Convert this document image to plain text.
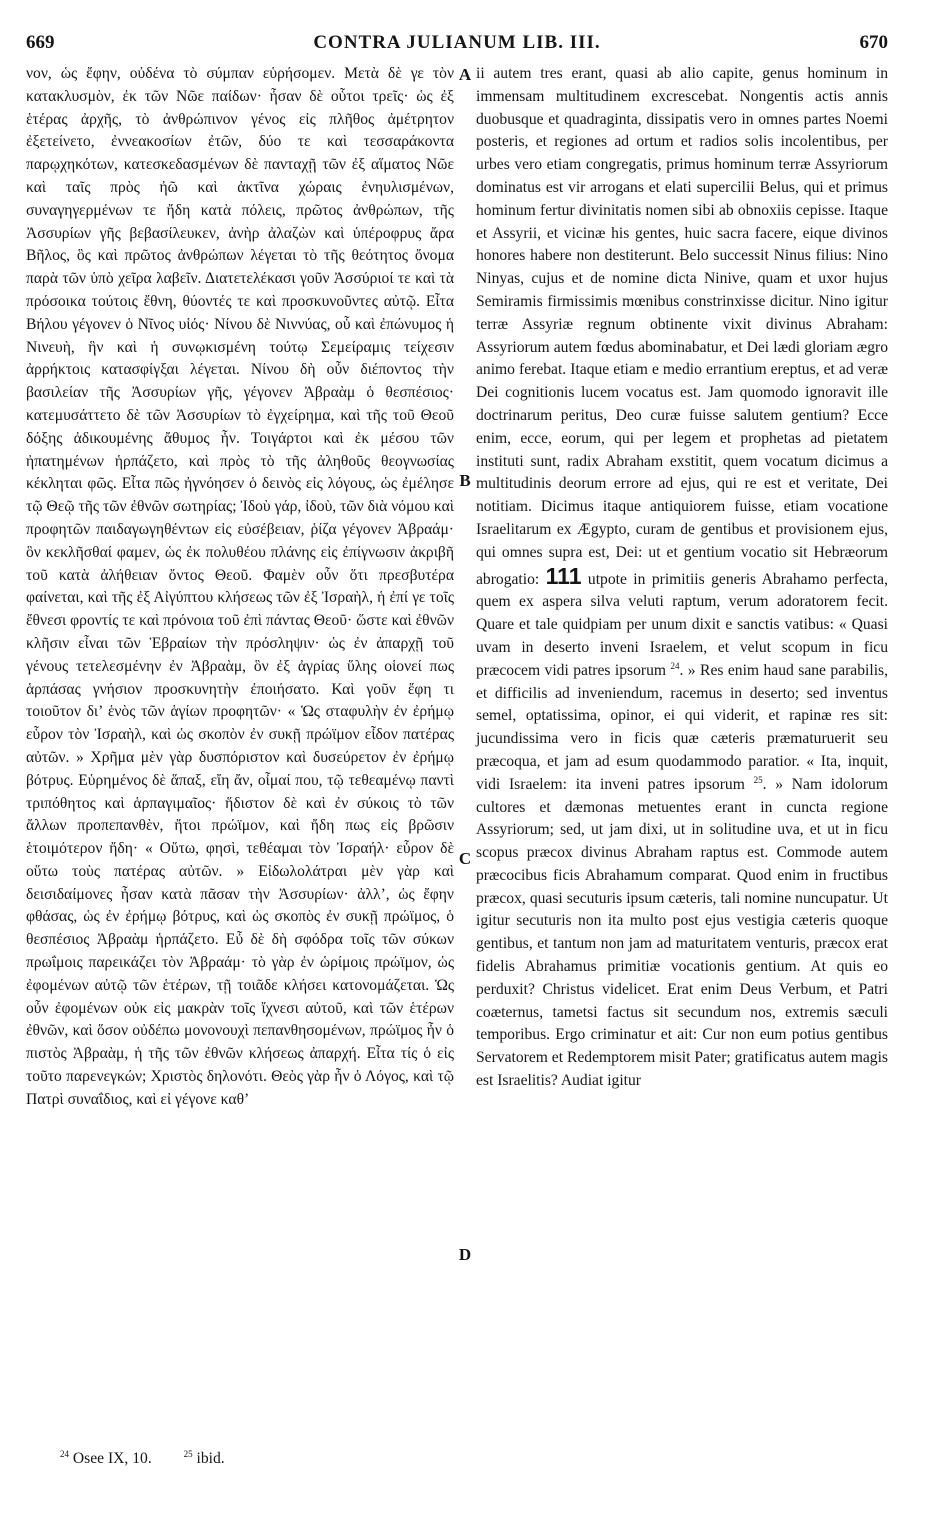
669	CONTRA JULIANUM LIB. III.	670

νον, ὡς ἔφην, οὐδένα τὸ σύμπαν εὑρήσομεν. Μετὰ δὲ γε τὸν κατακλυσμὸν, ἐκ τῶν Νῶε παίδων· ἦσαν δὲ οὗτοι τρεῖς· ὡς ἐξ ἑτέρας ἀρχῆς, τὸ ἀνθρώπινον γένος εἰς πλῆθος ἀμέτρητον ἐξετείνετο, ἐννεακοσίων ἐτῶν, δύο τε καὶ τεσσαράκοντα παρῳχηκότων, κατεσκεδασμένων δὲ πανταχῇ τῶν ἐξ αἵματος Νῶε καὶ ταῖς πρὸς ἠῶ καὶ ἀκτῖνα χώραις ἐνηυλισμένων, συναγηγερμένων τε ἤδη κατὰ πόλεις, πρῶτος ἀνθρώπων, τῆς Ἀσσυρίων γῆς βεβασίλευκεν, ἀνὴρ ἀλαζὼν καὶ ὑπέροφρυς ἄρα Βῆλος, ὃς καὶ πρῶτος ἀνθρώπων λέγεται τὸ τῆς θεότητος ὄνομα παρὰ τῶν ὑπὸ χεῖρα λαβεῖν. Διατετελέκασι γοῦν Ἀσσύριοί τε καὶ τὰ πρόσοικα τούτοις ἔθνη, θύοντές τε καὶ προσκυνοῦντες αὐτῷ. Εἶτα Βήλου γέγονεν ὁ Νῖνος υἱός· Νίνου δὲ Νιννύας, οὗ καὶ ἐπώνυμος ἡ Νινευὴ, ἣν καὶ ἡ συνῳκισμένη τούτῳ Σεμείραμις τείχεσιν ἀρρήκτοις κατασφίγξαι λέγεται. Νίνου δὴ οὖν διέποντος τὴν βασιλείαν τῆς Ἀσσυρίων γῆς, γέγονεν Ἀβραὰμ ὁ θεσπέσιος· κατεμυσάττετο δὲ τῶν Ἀσσυρίων τὸ ἐγχείρημα, καὶ τῆς τοῦ Θεοῦ δόξης ἀδικουμένης ἄθυμος ἦν. Τοιγάρτοι καὶ ἐκ μέσου τῶν ἠπατημένων ἡρπάζετο, καὶ πρὸς τὸ τῆς ἀληθοῦς θεογνωσίας κέκληται φῶς. Εἶτα πῶς ἠγνόησεν ὁ δεινὸς εἰς λόγους, ὡς ἐμέλησε τῷ Θεῷ τῆς τῶν ἐθνῶν σωτηρίας; Ἰδοὺ γάρ, ἰδοὺ, τῶν διὰ νόμου καὶ προφητῶν παιδαγωγηθέντων εἰς εὐσέβειαν, ῥίζα γέγονεν Ἀβραάμ· ὃν κεκλῆσθαί φαμεν, ὡς ἐκ πολυθέου πλάνης εἰς ἐπίγνωσιν ἀκριβῆ τοῦ κατὰ ἀλήθειαν ὄντος Θεοῦ. Φαμὲν οὖν ὅτι πρεσβυτέρα φαίνεται, καὶ τῆς ἐξ Αἰγύπτου κλήσεως τῶν ἐξ Ἰσραὴλ, ἡ ἐπί γε τοῖς ἔθνεσι φροντίς τε καὶ πρόνοια τοῦ ἐπὶ πάντας Θεοῦ· ὥστε καὶ ἐθνῶν κλῆσιν εἶναι τῶν Ἑβραίων τὴν πρόσληψιν· ὡς ἐν ἀπαρχῇ τοῦ γένους τετελεσμένην ἐν Ἀβραὰμ, ὃν ἐξ ἀγρίας ὕλης οἱονεί πως ἁρπάσας γνήσιον προσκυνητὴν ἐποιήσατο. Καὶ γοῦν ἔφη τι τοιοῦτον δι’ ἑνὸς τῶν ἁγίων προφητῶν· « Ὡς σταφυλὴν ἐν ἐρήμῳ εὗρον τὸν Ἰσραὴλ, καὶ ὡς σκοπὸν ἐν συκῇ πρώϊμον εἶδον πατέρας αὐτῶν. » Χρῆμα μὲν γὰρ δυσπόριστον καὶ δυσεύρετον ἐν ἐρήμῳ βότρυς. Εὑρημένος δὲ ἅπαξ, εἴη ἄν, οἶμαί που, τῷ τεθεαμένῳ παντὶ τριπόθητος καὶ ἁρπαγιμαῖος· ἥδιστον δὲ καὶ ἐν σύκοις τὸ τῶν ἄλλων προπεπανθὲν, ἤτοι πρώϊμον, καὶ ἤδη πως εἰς βρῶσιν ἑτοιμότερον ἤδη· « Οὕτω, φησὶ, τεθέαμαι τὸν Ἰσραήλ· εὗρον δὲ οὕτω τοὺς πατέρας αὐτῶν. » Εἰδωλολάτραι μὲν γὰρ καὶ δεισιδαίμονες ἦσαν κατὰ πᾶσαν τὴν Ἀσσυρίων· ἀλλ’, ὡς ἔφην φθάσας, ὡς ἐν ἐρήμῳ βότρυς, καὶ ὡς σκοπὸς ἐν συκῇ πρώϊμος, ὁ θεσπέσιος Ἀβραὰμ ἡρπάζετο. Εὖ δὲ δὴ σφόδρα τοῖς τῶν σύκων πρωΐμοις παρεικάζει τὸν Ἀβραάμ· τὸ γὰρ ἐν ὡρίμοις πρώϊμον, ὡς ἐφομένων αὐτῷ τῶν ἑτέρων, τῇ τοιᾶδε κλήσει κατονομάζεται. Ὡς οὖν ἐφομένων οὐκ εἰς μακρὰν τοῖς ἴχνεσι αὐτοῦ, καὶ τῶν ἑτέρων ἐθνῶν, καὶ ὅσον οὐδέπω μονονουχὶ πεπανθησομένων, πρώϊμος ἦν ὁ πιστὸς Ἀβραὰμ, ἡ τῆς τῶν ἐθνῶν κλήσεως ἀπαρχή. Εἶτα τίς ὁ εἰς τοῦτο παρενεγκών; Χριστὸς δηλονότι. Θεὸς γὰρ ἦν ὁ Λόγος, καὶ τῷ Πατρὶ συναΐδιος, καὶ εἰ γέγονε καθ’

A
B
C
D

ii autem tres erant, quasi ab alio capite, genus hominum in immensam multitudinem excrescebat. Nongentis actis annis duobusque et quadraginta, dissipatis vero in omnes partes Noemi posteris, et regiones ad ortum et radios solis incolentibus, per urbes vero etiam congregatis, primus hominum terræ Assyriorum dominatus est vir arrogans et elati supercilii Belus, qui et primus hominum fertur divinitatis nomen sibi ab obnoxiis cepisse. Itaque et Assyrii, et vicinæ his gentes, huic sacra facere, eique divinos honores habere non destiterunt. Belo successit Ninus filius: Nino Ninyas, cujus et de nomine dicta Ninive, quam et uxor hujus Semiramis firmissimis mœnibus constrinxisse dicitur. Nino igitur terræ Assyriæ regnum obtinente vixit divinus Abraham: Assyriorum autem fœdus abominabatur, et Dei lædi gloriam ægro animo ferebat. Itaque etiam e medio errantium ereptus, et ad veræ Dei cognitionis lucem vocatus est. Jam quomodo ignoravit ille doctrinarum peritus, Deo curæ fuisse salutem gentium? Ecce enim, ecce, eorum, qui per legem et prophetas ad pietatem instituti sunt, radix Abraham exstitit, quem vocatum dicimus a multitudinis deorum errore ad ejus, qui re est et veritate, Dei notitiam. Dicimus itaque antiquiorem fuisse, etiam vocatione Israelitarum ex Ægypto, curam de gentibus et provisionem ejus, qui omnes supra est, Dei: ut et gentium vocatio sit Hebræorum abrogatio: 111 utpote in primitiis generis Abrahamo perfecta, quem ex aspera silva veluti raptum, verum adoratorem fecit. Quare et tale quidpiam per unum dixit e sanctis vatibus: « Quasi uvam in deserto inveni Israelem, et velut scopum in ficu præcocem vidi patres ipsorum $^{24}$. » Res enim haud sane parabilis, et difficilis ad inveniendum, racemus in deserto; sed inventus semel, optatissima, opinor, ei qui viderit, et rapinæ res sit: jucundissima vero in ficis quæ cæteris præmaturuerit seu præcoqua, et jam ad esum quodammodo paratior. « Ita, inquit, vidi Israelem: ita inveni patres ipsorum $^{25}$. » Nam idolorum cultores et dæmonas metuentes erant in cuncta regione Assyriorum; sed, ut jam dixi, ut in solitudine uva, et ut in ficu scopus præcox divinus Abraham raptus est. Commode autem præcocibus ficis Abrahamum comparat. Quod enim in fructibus præcox, quasi secuturis ipsum cæteris, tali nomine nuncupatur. Ut igitur secuturis non ita multo post ejus vestigia cæteris quoque gentibus, et tantum non jam ad maturitatem venturis, præcox erat fidelis Abrahamus primitiæ vocationis gentium. At quis eo perduxit? Christus videlicet. Erat enim Deus Verbum, et Patri coæternus, tametsi factus sit secundum nos, extremis sæculi temporibus. Ergo criminatur et ait: Cur non eum potius gentibus Servatorem et Redemptorem misit Pater; gratificatus autem magis est Israelitis? Audiat igitur

$^{24}$ Osee IX, 10.	$^{25}$ ibid.
